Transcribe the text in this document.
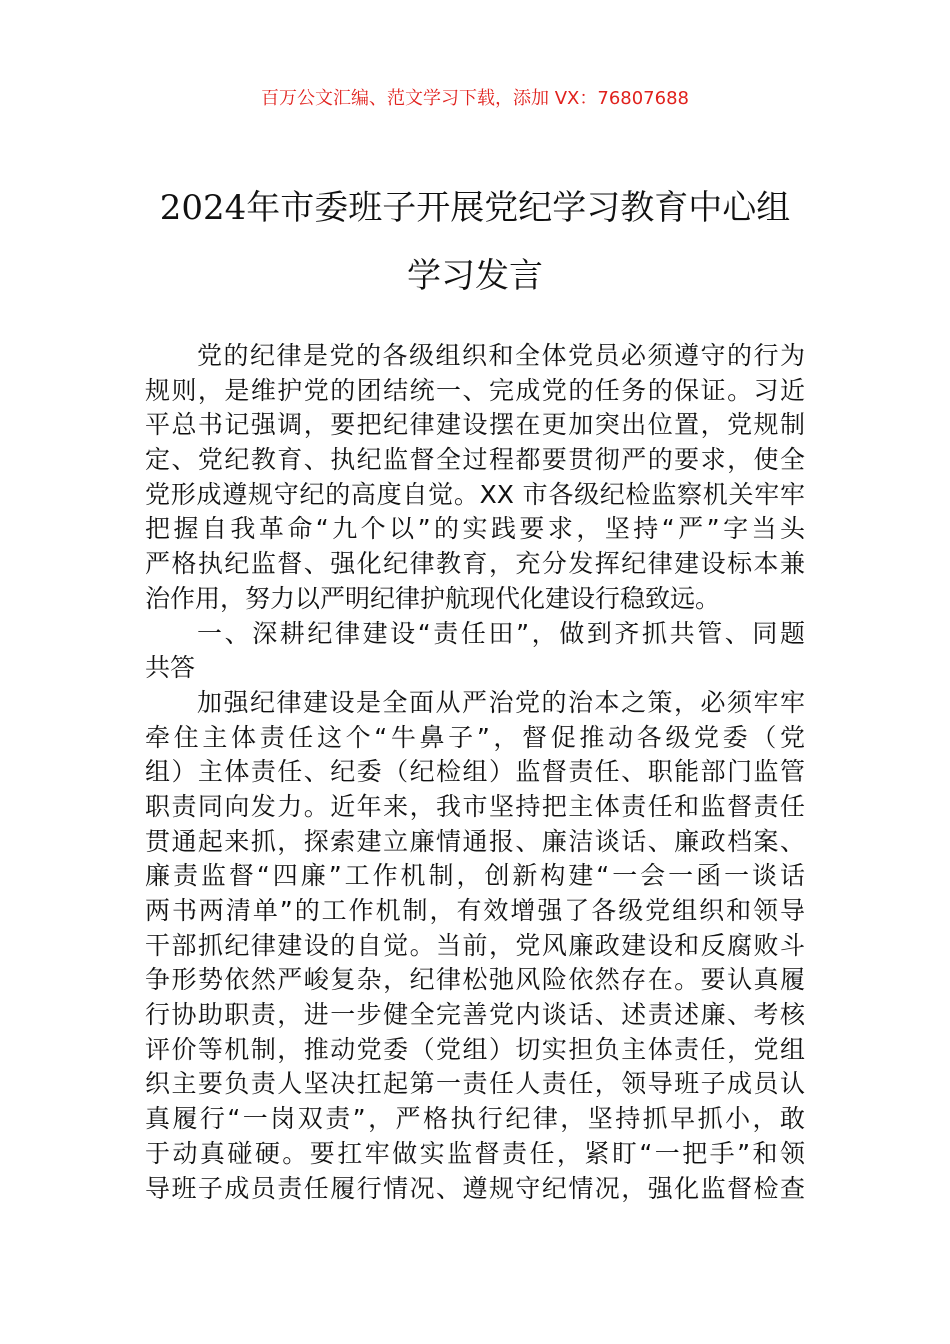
百万公文汇编、范文学习下载，添加 VX：76807688
2024年市委班子开展党纪学习教育中心组
学习发言
党的纪律是党的各级组织和全体党员必须遵守的行为
规则，是维护党的团结统一、完成党的任务的保证。习近
平总书记强调，要把纪律建设摆在更加突出位置，党规制
定、党纪教育、执纪监督全过程都要贯彻严的要求，使全
党形成遵规守纪的高度自觉。XX 市各级纪检监察机关牢牢
把握自我革命“九个以”的实践要求，坚持“严”字当头
严格执纪监督、强化纪律教育，充分发挥纪律建设标本兼
治作用，努力以严明纪律护航现代化建设行稳致远。
一、深耕纪律建设“责任田”，做到齐抓共管、同题
共答
加强纪律建设是全面从严治党的治本之策，必须牢牢
牵住主体责任这个“牛鼻子”，督促推动各级党委（党
组）主体责任、纪委（纪检组）监督责任、职能部门监管
职责同向发力。近年来，我市坚持把主体责任和监督责任
贯通起来抓，探索建立廉情通报、廉洁谈话、廉政档案、
廉责监督“四廉”工作机制，创新构建“一会一函一谈话
两书两清单”的工作机制，有效增强了各级党组织和领导
干部抓纪律建设的自觉。当前，党风廉政建设和反腐败斗
争形势依然严峻复杂，纪律松弛风险依然存在。要认真履
行协助职责，进一步健全完善党内谈话、述责述廉、考核
评价等机制，推动党委（党组）切实担负主体责任，党组
织主要负责人坚决扛起第一责任人责任，领导班子成员认
真履行“一岗双责”，严格执行纪律，坚持抓早抓小，敢
于动真碰硬。要扛牢做实监督责任，紧盯“一把手”和领
导班子成员责任履行情况、遵规守纪情况，强化监督检查
